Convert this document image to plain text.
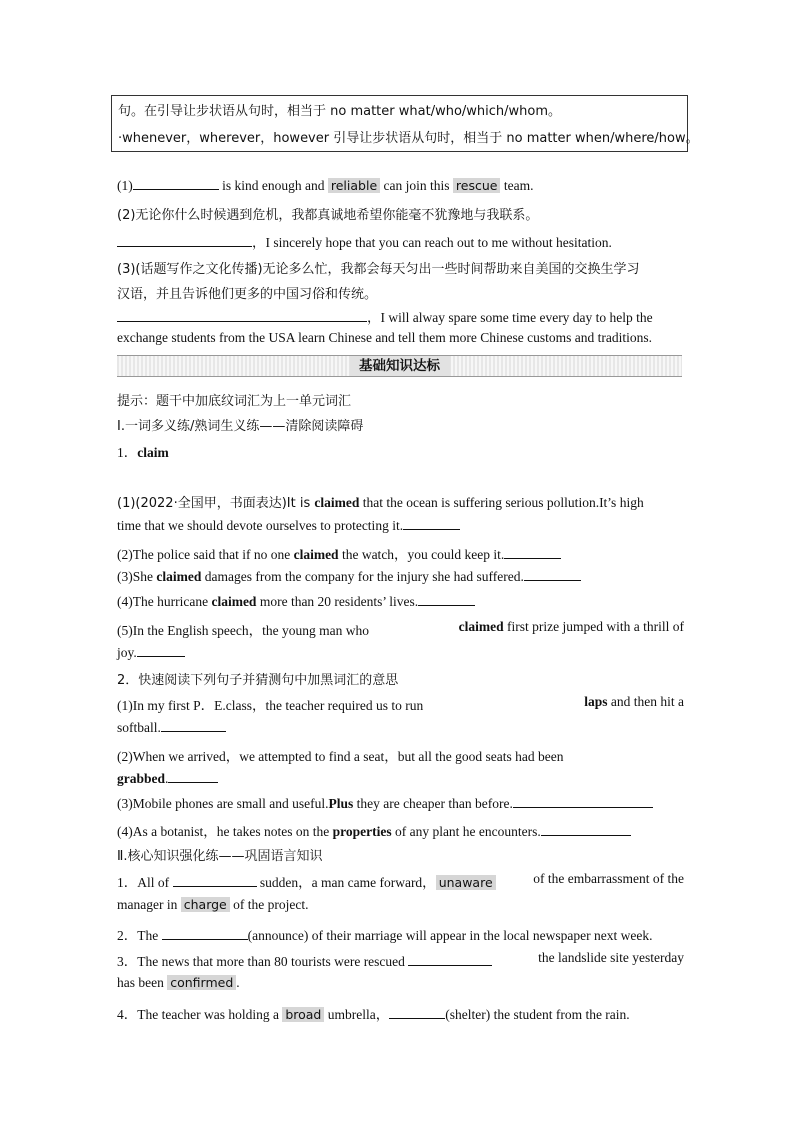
句。在引导让步状语从句时，相当于 no matter what/who/which/whom。
·whenever，wherever，however 引导让步状语从句时，相当于 no matter when/where/how。
(1)	is kind enough and reliable can join this rescue team.
(2)无论你什么时候遇到危机，我都真诚地希望你能毫不犹豫地与我联系。
，I sincerely hope that you can reach out to me without hesitation.
(3)(话题写作之文化传播)无论多么忙，我都会每天匀出一些时间帮助来自美国的交换生学习
汉语，并且告诉他们更多的中国习俗和传统。
，I will alway spare some time every day to help the
exchange students from the USA learn Chinese and tell them more Chinese customs and traditions.
基础知识达标
提示：题干中加底纹词汇为上一单元词汇
Ⅰ.一词多义练/熟词生义练——清除阅读障碍
1．claim
(1)(2022·全国甲，书面表达)It is claimed that the ocean is suffering serious pollution.It’s high
time that we should devote ourselves to protecting it.
(2)The police said that if no one claimed the watch，you could keep it.
(3)She claimed damages from the company for the injury she had suffered.
(4)The hurricane claimed more than 20 residents’ lives.
(5)In the English speech，the young man who	claimed first prize jumped with a thrill of
joy.
2．快速阅读下列句子并猜测句中加黑词汇的意思
(1)In my first P．E.class，the teacher required us to run	laps and then hit a
softball.
(2)When we arrived，we attempted to find a seat，but all the good seats had been
grabbed.
(3)Mobile phones are small and useful.Plus they are cheaper than before.
(4)As a botanist，he takes notes on the properties of any plant he encounters.
Ⅱ.核心知识强化练——巩固语言知识
1．All of	sudden，a man came forward， unaware	of the embarrassment of the
manager in charge of the project.
2．The	(announce) of their marriage will appear in the local newspaper next week.
3．The news that more than 80 tourists were rescued	the landslide site yesterday
has been confirmed .
4．The teacher was holding a broad umbrella，	(shelter) the student from the rain.
